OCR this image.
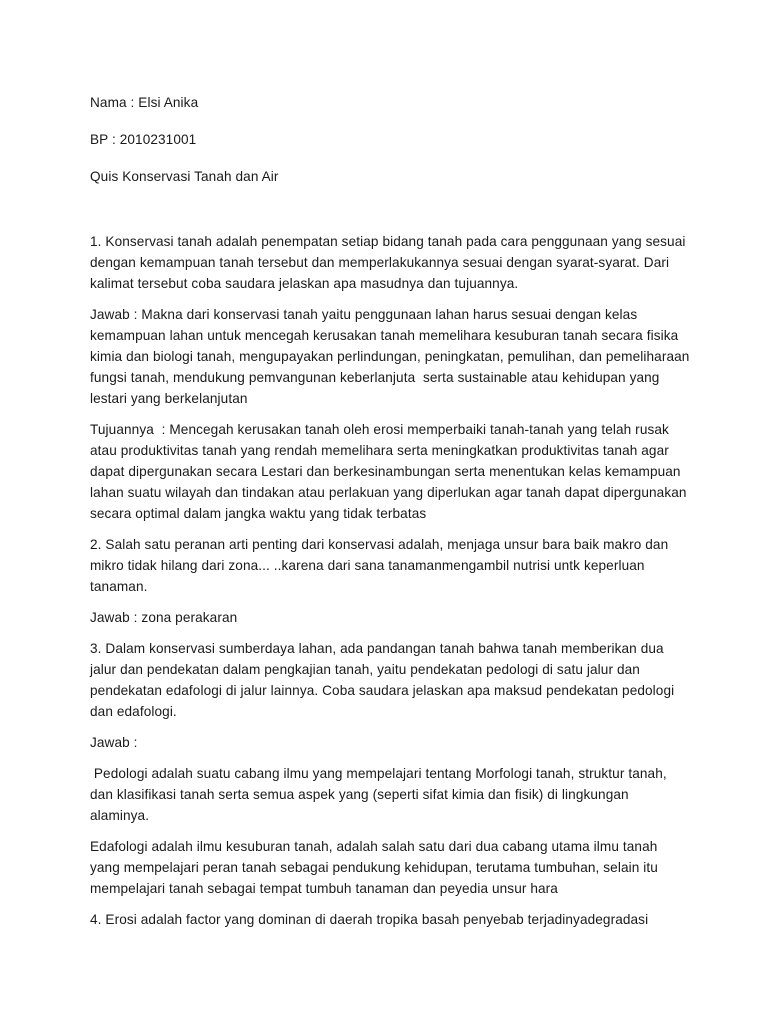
Nama : Elsi Anika

BP : 2010231001

Quis Konservasi Tanah dan Air

1. Konservasi tanah adalah penempatan setiap bidang tanah pada cara penggunaan yang sesuai dengan kemampuan tanah tersebut dan memperlakukannya sesuai dengan syarat-syarat. Dari kalimat tersebut coba saudara jelaskan apa masudnya dan tujuannya.

Jawab : Makna dari konservasi tanah yaitu penggunaan lahan harus sesuai dengan kelas kemampuan lahan untuk mencegah kerusakan tanah memelihara kesuburan tanah secara fisika kimia dan biologi tanah, mengupayakan perlindungan, peningkatan, pemulihan, dan pemeliharaan fungsi tanah, mendukung pemvangunan keberlanjuta  serta sustainable atau kehidupan yang lestari yang berkelanjutan

Tujuannya  : Mencegah kerusakan tanah oleh erosi memperbaiki tanah-tanah yang telah rusak atau produktivitas tanah yang rendah memelihara serta meningkatkan produktivitas tanah agar dapat dipergunakan secara Lestari dan berkesinambungan serta menentukan kelas kemampuan lahan suatu wilayah dan tindakan atau perlakuan yang diperlukan agar tanah dapat dipergunakan secara optimal dalam jangka waktu yang tidak terbatas

2. Salah satu peranan arti penting dari konservasi adalah, menjaga unsur bara baik makro dan mikro tidak hilang dari zona... ..karena dari sana tanamanmengambil nutrisi untk keperluan tanaman.

Jawab : zona perakaran

3. Dalam konservasi sumberdaya lahan, ada pandangan tanah bahwa tanah memberikan dua jalur dan pendekatan dalam pengkajian tanah, yaitu pendekatan pedologi di satu jalur dan pendekatan edafologi di jalur lainnya. Coba saudara jelaskan apa maksud pendekatan pedologi dan edafologi.

Jawab :

Pedologi adalah suatu cabang ilmu yang mempelajari tentang Morfologi tanah, struktur tanah, dan klasifikasi tanah serta semua aspek yang (seperti sifat kimia dan fisik) di lingkungan alaminya.

Edafologi adalah ilmu kesuburan tanah, adalah salah satu dari dua cabang utama ilmu tanah yang mempelajari peran tanah sebagai pendukung kehidupan, terutama tumbuhan, selain itu mempelajari tanah sebagai tempat tumbuh tanaman dan peyedia unsur hara

4. Erosi adalah factor yang dominan di daerah tropika basah penyebab terjadinyadegradasi
